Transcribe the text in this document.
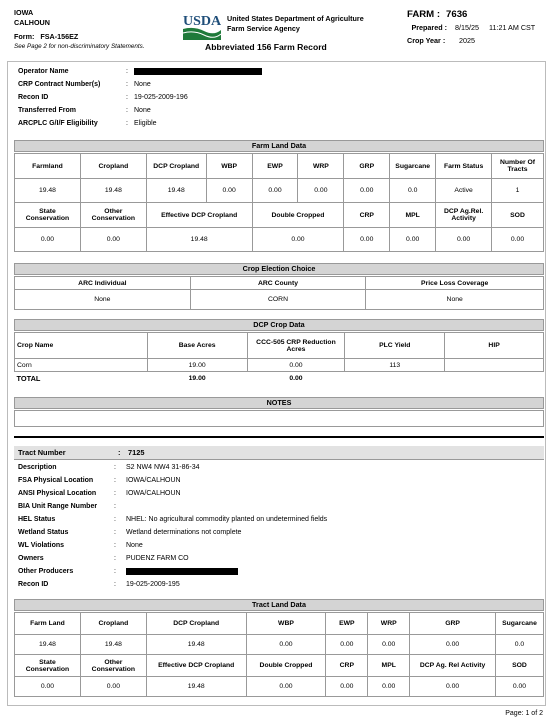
IOWA
CALHOUN
Form: FSA-156EZ
See Page 2 for non-discriminatory Statements.
USDA United States Department of Agriculture
Farm Service Agency
Abbreviated 156 Farm Record
FARM : 7636
Prepared : 8/15/25 11:21 AM CST
Crop Year : 2025
Operator Name	:
CRP Contract Number(s)	: None
Recon ID	: 19-025-2009-196
Transferred From	: None
ARCPLC G/I/F Eligibility	: Eligible
Farm Land Data
Farmland	Cropland	DCP Cropland	WBP	EWP	WRP	GRP	Sugarcane	Farm Status	Number Of Tracts
19.48	19.48	19.48	0.00	0.00	0.00	0.00	0.0	Active	1
State Conservation	Other Conservation	Effective DCP Cropland		Double Cropped		CRP	MPL	DCP Ag.Rel. Activity	SOD
0.00	0.00	19.48		0.00		0.00	0.00	0.00	0.00
Crop Election Choice
ARC Individual	ARC County	Price Loss Coverage
None	CORN	None
DCP Crop Data
Crop Name	Base Acres	CCC-505 CRP Reduction Acres	PLC Yield	HIP
Corn	19.00	0.00	113	
TOTAL	19.00	0.00		
NOTES
Tract Number	: 7125
Description	: S2 NW4 NW4 31-86-34
FSA Physical Location	: IOWA/CALHOUN
ANSI Physical Location	: IOWA/CALHOUN
BIA Unit Range Number :
HEL Status	: NHEL: No agricultural commodity planted on undetermined fields
Wetland Status	: Wetland determinations not complete
WL Violations	: None
Owners	: PUDENZ FARM CO
Other Producers	:
Recon ID	: 19-025-2009-195
Tract Land Data
Farm Land	Cropland	DCP Cropland	WBP	EWP	WRP	GRP	Sugarcane
19.48	19.48	19.48	0.00	0.00	0.00	0.00	0.0
State Conservation	Other Conservation	Effective DCP Cropland	Double Cropped	CRP	MPL	DCP Ag. Rel Activity	SOD
0.00	0.00	19.48	0.00	0.00	0.00	0.00	0.00
Page: 1 of 2
